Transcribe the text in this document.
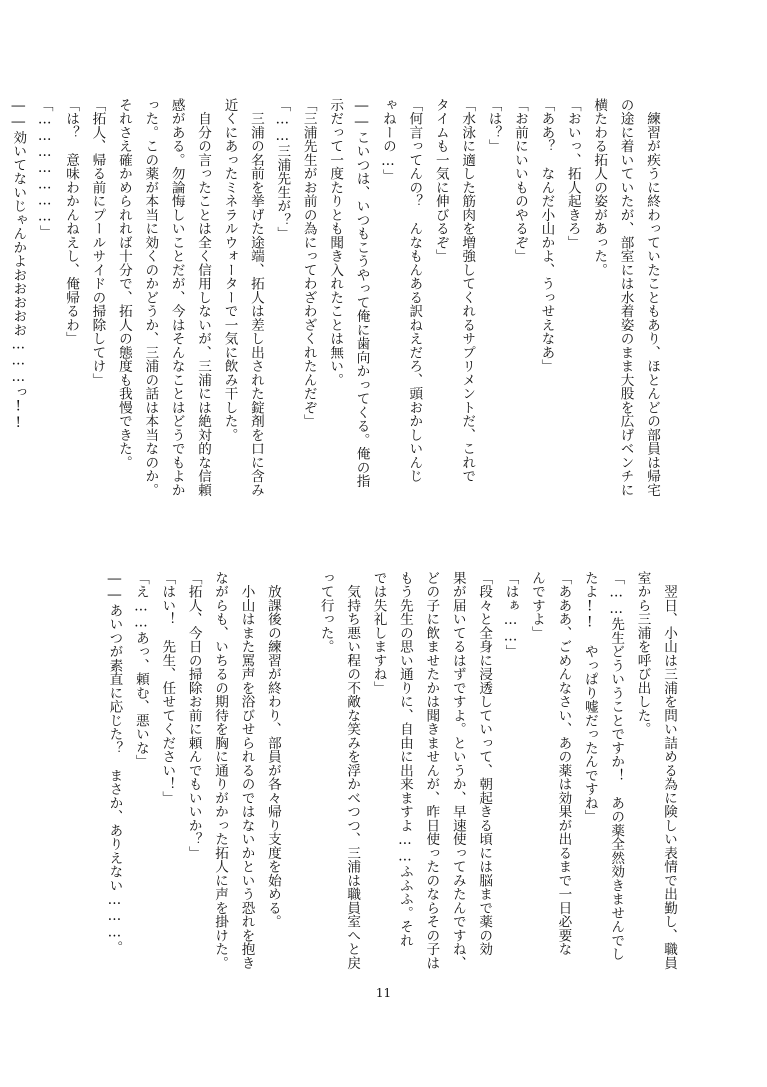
　練習が疾うに終わっていたこともあり、ほとんどの部員は帰宅
の途に着いていたが、部室には水着姿のまま大股を広げベンチに
横たわる拓人の姿があった。
「おいっ、拓人起きろ」
「ああ？　なんだ小山かよ、うっせえなあ」
「お前にいいものやるぞ」
「は？」
「水泳に適した筋肉を増強してくれるサプリメントだ、これで
タイムも一気に伸びるぞ」
「何言ってんの？　んなもんある訳ねえだろ、頭おかしいんじ
ゃねーの…」
――こいつは、いつもこうやって俺に歯向かってくる。俺の指
示だって一度たりとも聞き入れたことは無い。
「三浦先生がお前の為にってわざわざくれたんだぞ」
「……三浦先生が？」
　三浦の名前を挙げた途端、拓人は差し出された錠剤を口に含み
近くにあったミネラルウォーターで一気に飲み干した。
　自分の言ったことは全く信用しないが、三浦には絶対的な信頼
感がある。勿論悔しいことだが、今はそんなことはどうでもよか
った。この薬が本当に効くのかどうか、三浦の話は本当なのか。
それさえ確かめられれば十分で、拓人の態度も我慢できた。
「拓人、帰る前にプールサイドの掃除してけ」
「は？　意味わかんねえし、俺帰るわ」
「…………………」
――効いてないじゃんかよおおおおお………っ!!
　翌日、小山は三浦を問い詰める為に険しい表情で出勤し、職員
室から三浦を呼び出した。
「……先生どういうことですか！　あの薬全然効きませんでし
たよ!!　やっぱり嘘だったんですね」
「あああ、ごめんなさい、あの薬は効果が出るまで一日必要な
んですよ」
「はぁ……」
「段々と全身に浸透していって、朝起きる頃には脳まで薬の効
果が届いてるはずですよ。というか、早速使ってみたんですね、
どの子に飲ませたかは聞きませんが、昨日使ったのならその子は
もう先生の思い通りに、自由に出来ますよ……ふふふ。それ
では失礼しますね」
　気持ち悪い程の不敵な笑みを浮かべつつ、三浦は職員室へと戻
って行った。

　放課後の練習が終わり、部員が各々帰り支度を始める。
　小山はまた罵声を浴びせられるのではないかという恐れを抱き
ながらも、いちるの期待を胸に通りがかった拓人に声を掛けた。
「拓人、今日の掃除お前に頼んでもいいか？」
「はい！　先生、任せてください！」
「え……あっ、頼む、悪いな」
――あいつが素直に応じた？　まさか、ありえない………。
11
